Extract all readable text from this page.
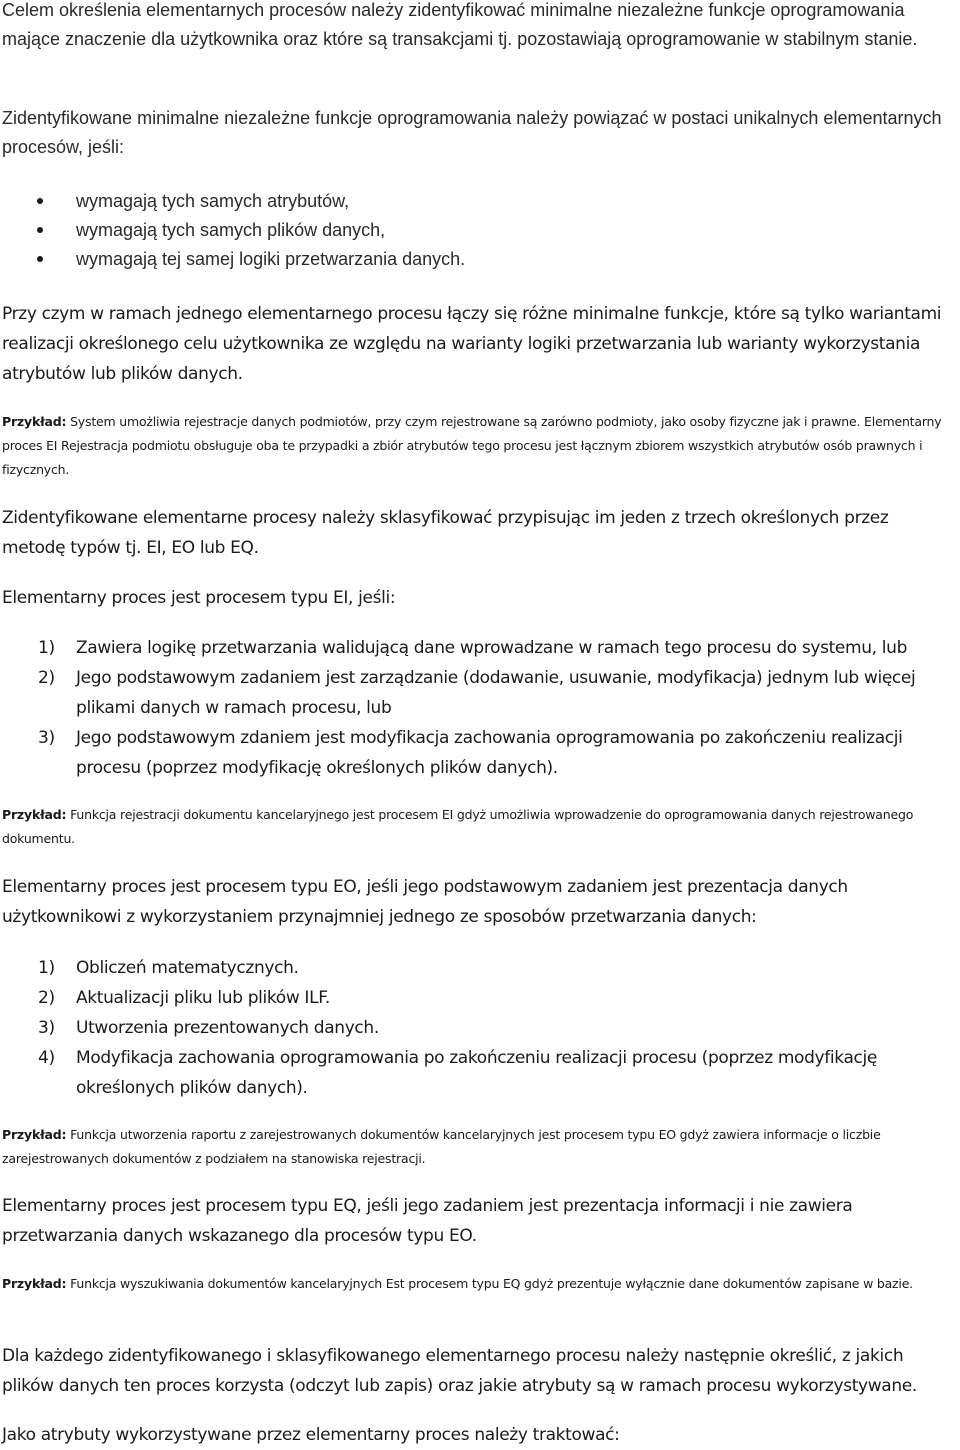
Celem określenia elementarnych procesów należy zidentyfikować minimalne niezależne funkcje oprogramowania mające znaczenie dla użytkownika oraz które są transakcjami tj. pozostawiają oprogramowanie w stabilnym stanie.

Zidentyfikowane minimalne niezależne funkcje oprogramowania należy powiązać w postaci unikalnych elementarnych procesów, jeśli:

wymagają tych samych atrybutów,
wymagają tych samych plików danych,
wymagają tej samej logiki przetwarzania danych.

Przy czym w ramach jednego elementarnego procesu łączy się różne minimalne funkcje, które są tylko wariantami realizacji określonego celu użytkownika ze względu na warianty logiki przetwarzania lub warianty wykorzystania atrybutów lub plików danych.

Przykład: System umożliwia rejestracje danych podmiotów, przy czym rejestrowane są zarówno podmioty, jako osoby fizyczne jak i prawne. Elementarny proces EI Rejestracja podmiotu obsługuje oba te przypadki a zbiór atrybutów tego procesu jest łącznym zbiorem wszystkich atrybutów osób prawnych i fizycznych.

Zidentyfikowane elementarne procesy należy sklasyfikować przypisując im jeden z trzech określonych przez metodę typów tj. EI, EO lub EQ.

Elementarny proces jest procesem typu EI, jeśli:

1) Zawiera logikę przetwarzania walidującą dane wprowadzane w ramach tego procesu do systemu, lub
2) Jego podstawowym zadaniem jest zarządzanie (dodawanie, usuwanie, modyfikacja) jednym lub więcej plikami danych w ramach procesu, lub
3) Jego podstawowym zdaniem jest modyfikacja zachowania oprogramowania po zakończeniu realizacji procesu (poprzez modyfikację określonych plików danych).

Przykład: Funkcja rejestracji dokumentu kancelaryjnego jest procesem EI gdyż umożliwia wprowadzenie do oprogramowania danych rejestrowanego dokumentu.

Elementarny proces jest procesem typu EO, jeśli jego podstawowym zadaniem jest prezentacja danych użytkownikowi z wykorzystaniem przynajmniej jednego ze sposobów przetwarzania danych:

1) Obliczeń matematycznych.
2) Aktualizacji pliku lub plików ILF.
3) Utworzenia prezentowanych danych.
4) Modyfikacja zachowania oprogramowania po zakończeniu realizacji procesu (poprzez modyfikację określonych plików danych).

Przykład: Funkcja utworzenia raportu z zarejestrowanych dokumentów kancelaryjnych jest procesem typu EO gdyż zawiera informacje o liczbie zarejestrowanych dokumentów z podziałem na stanowiska rejestracji.

Elementarny proces jest procesem typu EQ, jeśli jego zadaniem jest prezentacja informacji i nie zawiera przetwarzania danych wskazanego dla procesów typu EO.

Przykład: Funkcja wyszukiwania dokumentów kancelaryjnych Est procesem typu EQ gdyż prezentuje wyłącznie dane dokumentów zapisane w bazie.

Dla każdego zidentyfikowanego i sklasyfikowanego elementarnego procesu należy następnie określić, z jakich plików danych ten proces korzysta (odczyt lub zapis) oraz jakie atrybuty są w ramach procesu wykorzystywane.

Jako atrybuty wykorzystywane przez elementarny proces należy traktować:
